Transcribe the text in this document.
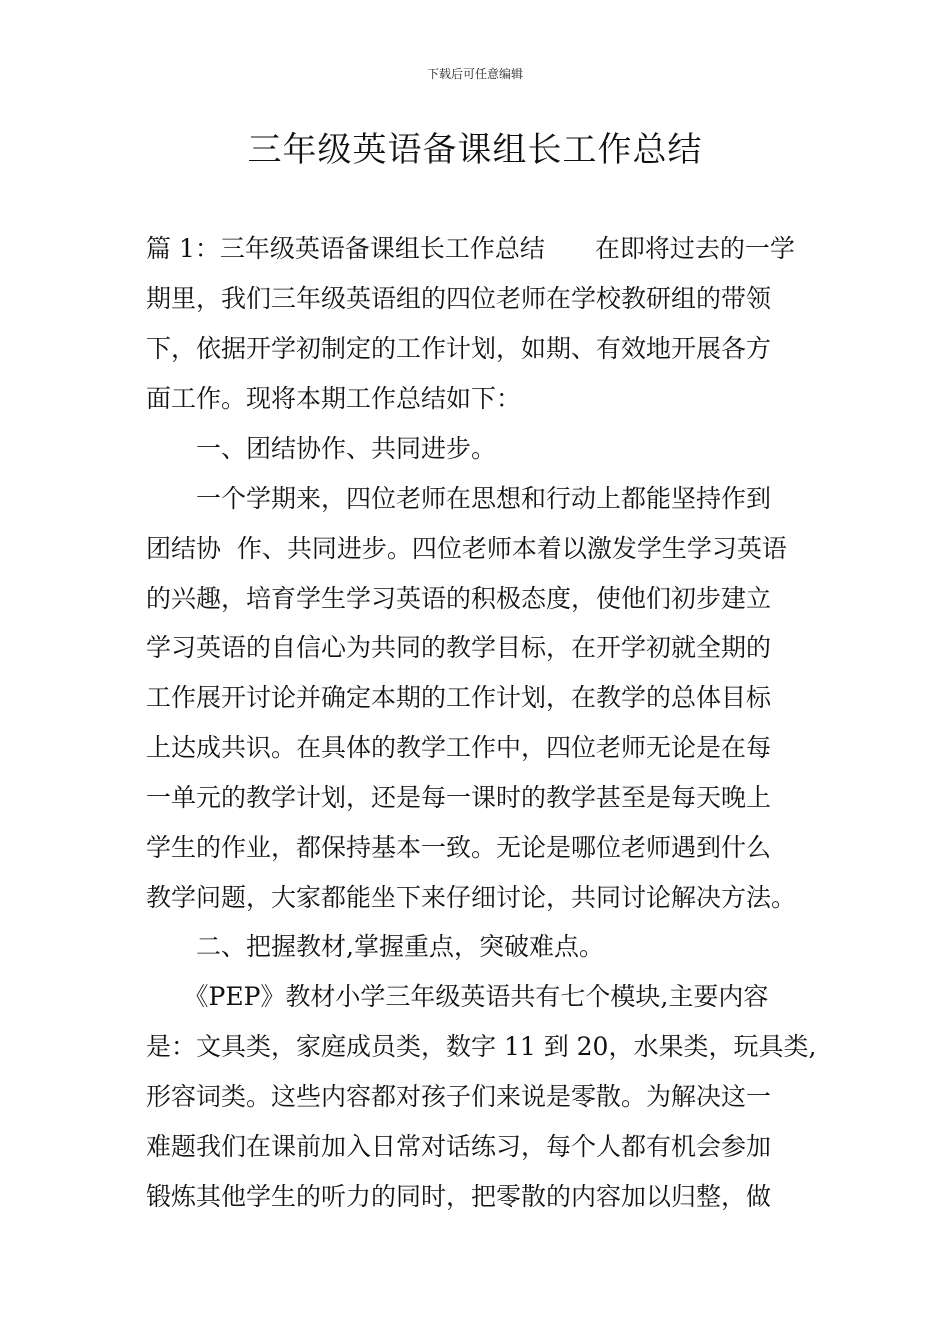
下载后可任意编辑
三年级英语备课组长工作总结
篇 1：三年级英语备课组长工作总结　　在即将过去的一学
期里，我们三年级英语组的四位老师在学校教研组的带领
下，依据开学初制定的工作计划，如期、有效地开展各方
面工作。现将本期工作总结如下：
　　一、团结协作、共同进步。
　　一个学期来，四位老师在思想和行动上都能坚持作到
团结协  作、共同进步。四位老师本着以激发学生学习英语
的兴趣，培育学生学习英语的积极态度，使他们初步建立
学习英语的自信心为共同的教学目标，在开学初就全期的
工作展开讨论并确定本期的工作计划，在教学的总体目标
上达成共识。在具体的教学工作中，四位老师无论是在每
一单元的教学计划，还是每一课时的教学甚至是每天晚上
学生的作业，都保持基本一致。无论是哪位老师遇到什么
教学问题，大家都能坐下来仔细讨论，共同讨论解决方法。
　　二、把握教材,掌握重点，突破难点。
　　《PEP》教材小学三年级英语共有七个模块,主要内容
是：文具类，家庭成员类，数字 11 到 20，水果类，玩具类,
形容词类。这些内容都对孩子们来说是零散。为解决这一
难题我们在课前加入日常对话练习，每个人都有机会参加
锻炼其他学生的听力的同时，把零散的内容加以归整，做
